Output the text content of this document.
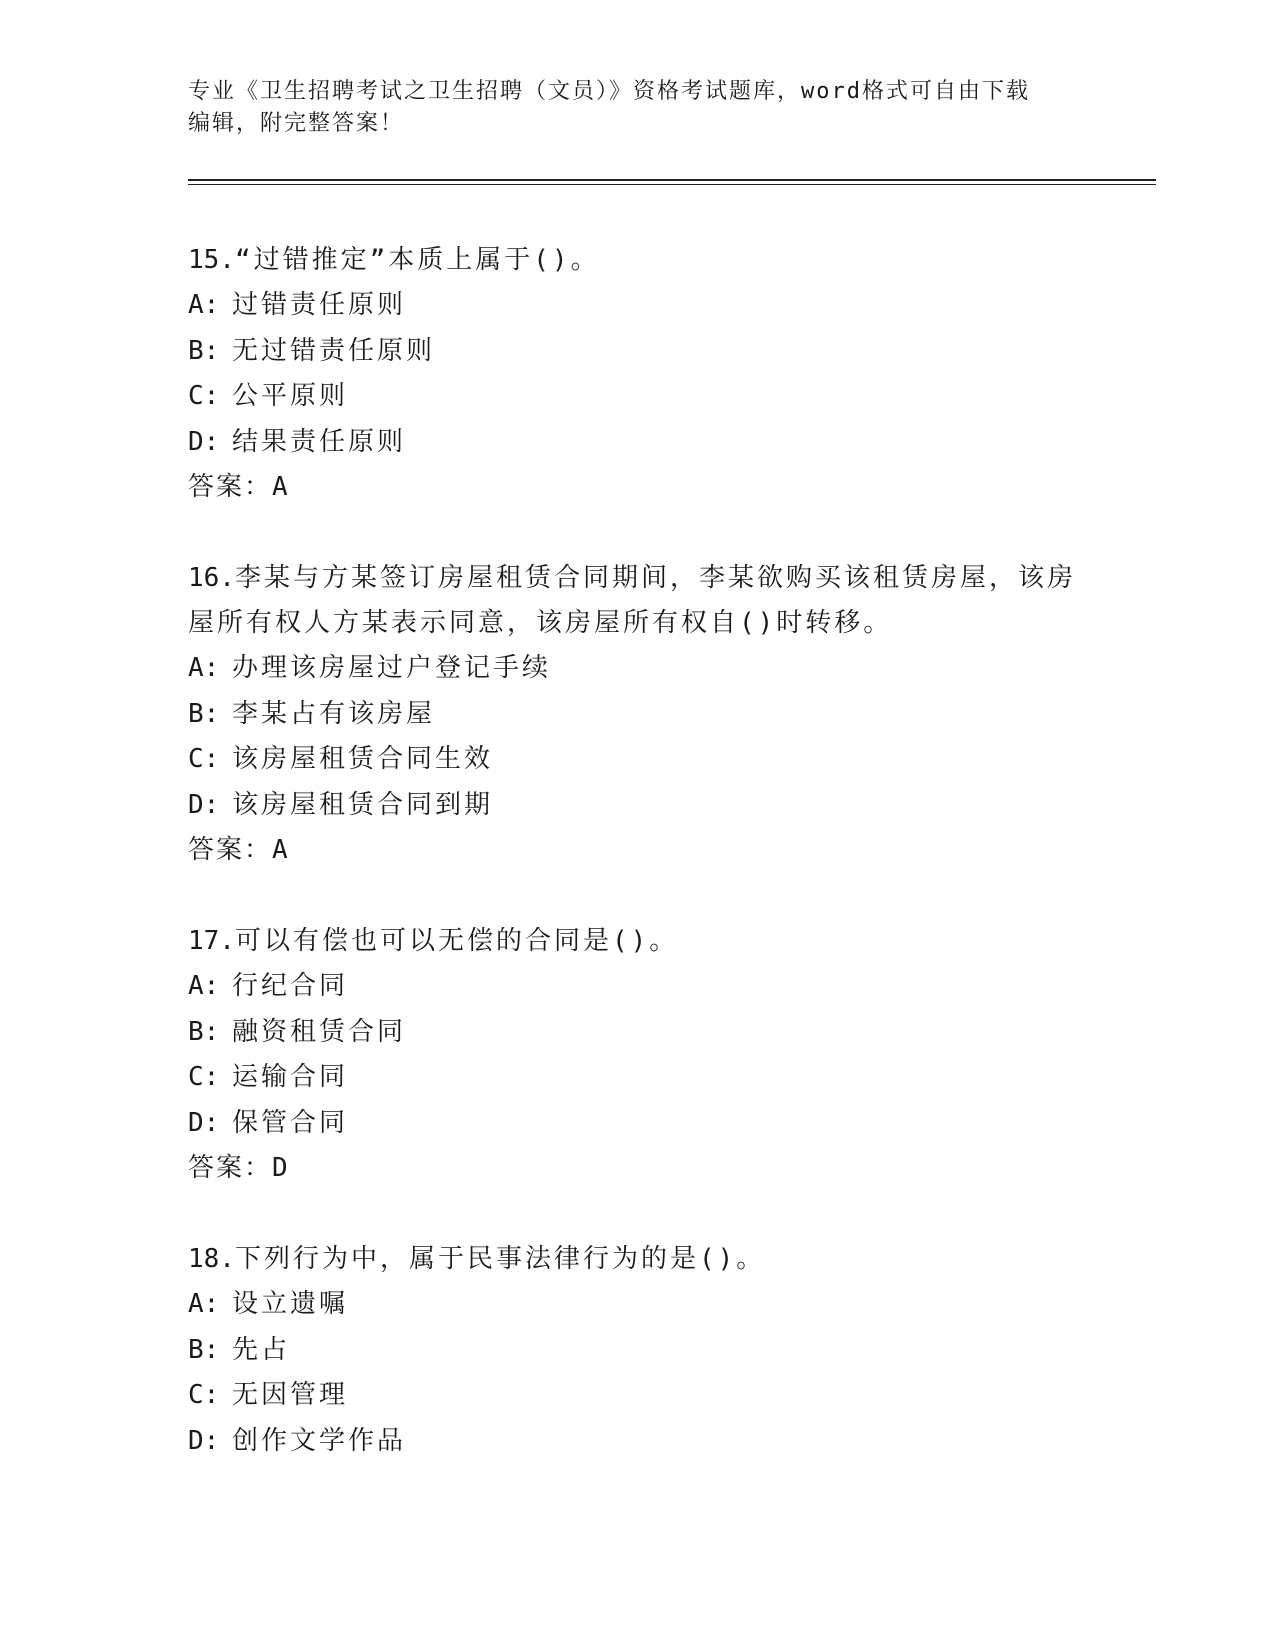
专业《卫生招聘考试之卫生招聘（文员）》资格考试题库，word格式可自由下载
编辑，附完整答案！
15.“过错推定”本质上属于()。
A: 过错责任原则
B: 无过错责任原则
C: 公平原则
D: 结果责任原则
答案：A
16.李某与方某签订房屋租赁合同期间，李某欲购买该租赁房屋，该房
屋所有权人方某表示同意，该房屋所有权自()时转移。
A: 办理该房屋过户登记手续
B: 李某占有该房屋
C: 该房屋租赁合同生效
D: 该房屋租赁合同到期
答案：A
17.可以有偿也可以无偿的合同是()。
A: 行纪合同
B: 融资租赁合同
C: 运输合同
D: 保管合同
答案：D
18.下列行为中，属于民事法律行为的是()。
A: 设立遗嘱
B: 先占
C: 无因管理
D: 创作文学作品
